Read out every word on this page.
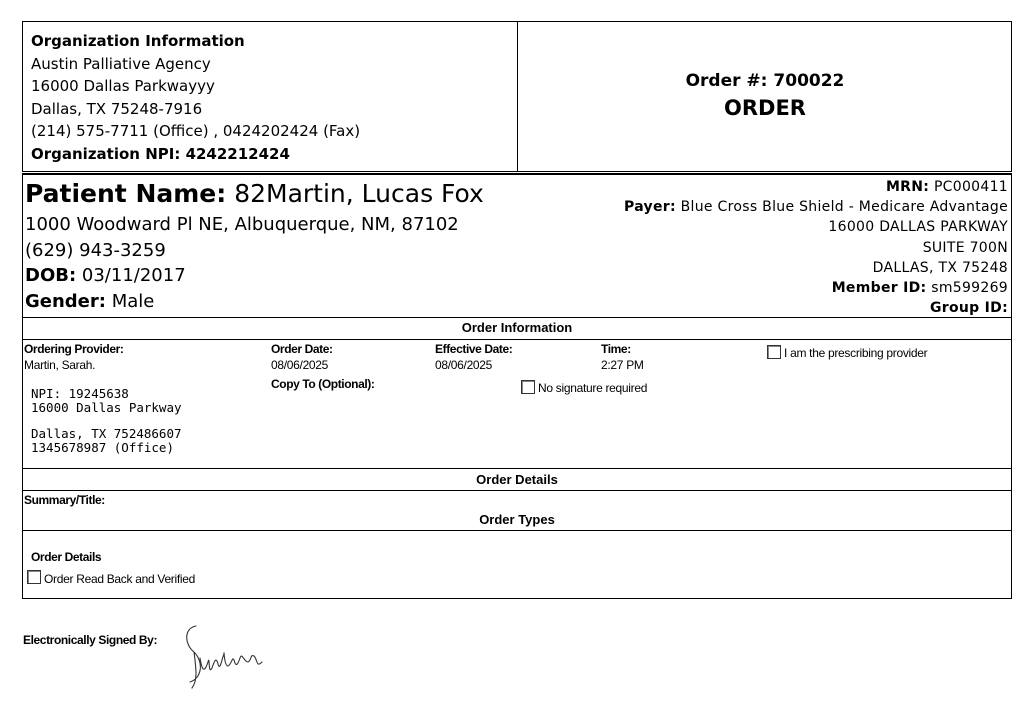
Organization Information
Austin Palliative Agency
16000 Dallas Parkwayyy
Dallas, TX 75248-7916
(214) 575-7711 (Office) , 0424202424 (Fax)
Organization NPI: 4242212424
Order #: 700022
ORDER
Patient Name: 82Martin, Lucas Fox
1000 Woodward Pl NE, Albuquerque, NM, 87102
(629) 943-3259
DOB: 03/11/2017
Gender: Male
MRN: PC000411
Payer: Blue Cross Blue Shield - Medicare Advantage
16000 DALLAS PARKWAY
SUITE 700N
DALLAS, TX 75248
Member ID: sm599269
Group ID:
Order Information
Ordering Provider:
Martin, Sarah.
NPI: 19245638
16000 Dallas Parkway
Dallas, TX 752486607
1345678987 (Office)
Order Date:
08/06/2025
Copy To (Optional):
Effective Date:
08/06/2025
Time:
2:27 PM
No signature required
I am the prescribing provider
Order Details
Summary/Title:
Order Types
Order Details
Order Read Back and Verified
Electronically Signed By:
